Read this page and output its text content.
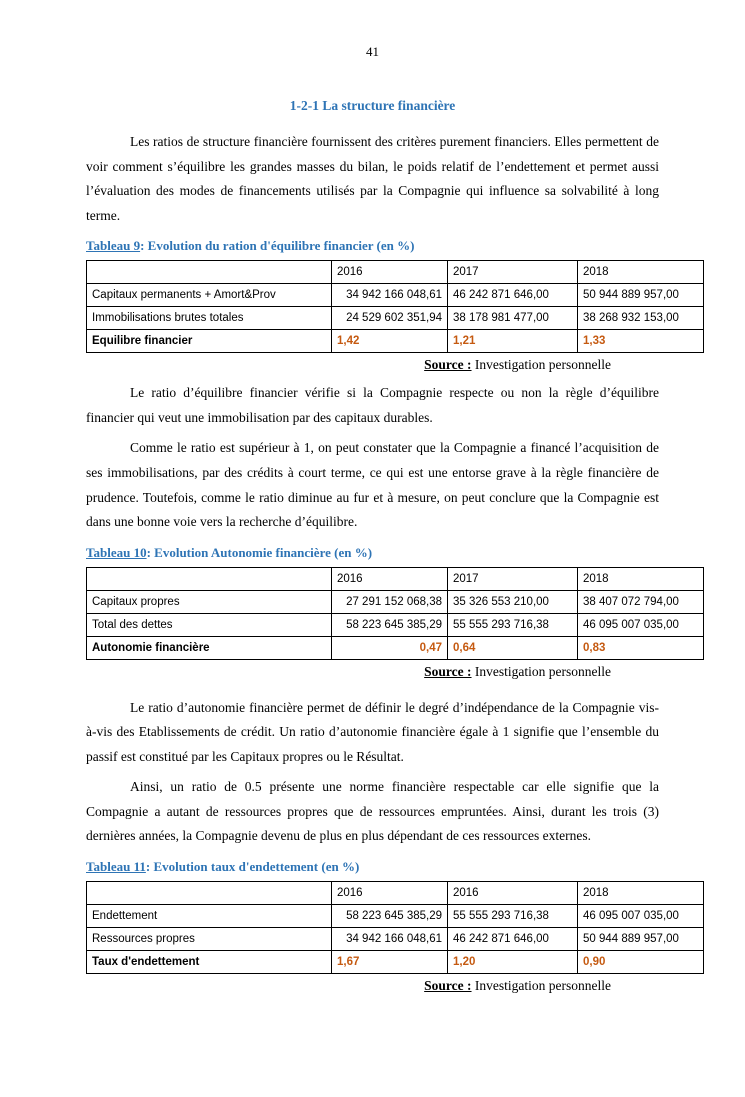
41
1-2-1 La structure financière

Les ratios de structure financière fournissent des critères purement financiers. Elles permettent de voir comment s’équilibre les grandes masses du bilan, le poids relatif de l’endettement et permet aussi l’évaluation des modes de financements utilisés par la Compagnie qui influence sa solvabilité à long terme.

Tableau 9: Evolution du ration d'équilibre financier (en %)
	2016	2017	2018
Capitaux permanents + Amort&Prov	34 942 166 048,61	46 242 871 646,00	50 944 889 957,00
Immobilisations brutes totales	24 529 602 351,94	38 178 981 477,00	38 268 932 153,00
Equilibre financier	1,42	1,21	1,33
Source : Investigation personnelle

Le ratio d’équilibre financier vérifie si la Compagnie respecte ou non la règle d’équilibre financier qui veut une immobilisation par des capitaux durables.

Comme le ratio est supérieur à 1, on peut constater que la Compagnie a financé l’acquisition de ses immobilisations, par des crédits à court terme, ce qui est une entorse grave à la règle financière de prudence. Toutefois, comme le ratio diminue au fur et à mesure, on peut conclure que la Compagnie est dans une bonne voie vers la recherche d’équilibre.

Tableau 10: Evolution Autonomie financière (en %)
	2016	2017	2018
Capitaux propres	27 291 152 068,38	35 326 553 210,00	38 407 072 794,00
Total des dettes	58 223 645 385,29	55 555 293 716,38	46 095 007 035,00
Autonomie financière	0,47	0,64	0,83
Source : Investigation personnelle

Le ratio d’autonomie financière permet de définir le degré d’indépendance de la Compagnie vis-à-vis des Etablissements de crédit. Un ratio d’autonomie financière égale à 1 signifie que l’ensemble du passif est constitué par les Capitaux propres ou le Résultat.

Ainsi, un ratio de 0.5 présente une norme financière respectable car elle signifie que la Compagnie a autant de ressources propres que de ressources empruntées. Ainsi, durant les trois (3) dernières années, la Compagnie devenu de plus en plus dépendant de ces ressources externes.

Tableau 11: Evolution taux d'endettement (en %)
	2016	2016	2018
Endettement	58 223 645 385,29	55 555 293 716,38	46 095 007 035,00
Ressources propres	34 942 166 048,61	46 242 871 646,00	50 944 889 957,00
Taux d'endettement	1,67	1,20	0,90
Source : Investigation personnelle
